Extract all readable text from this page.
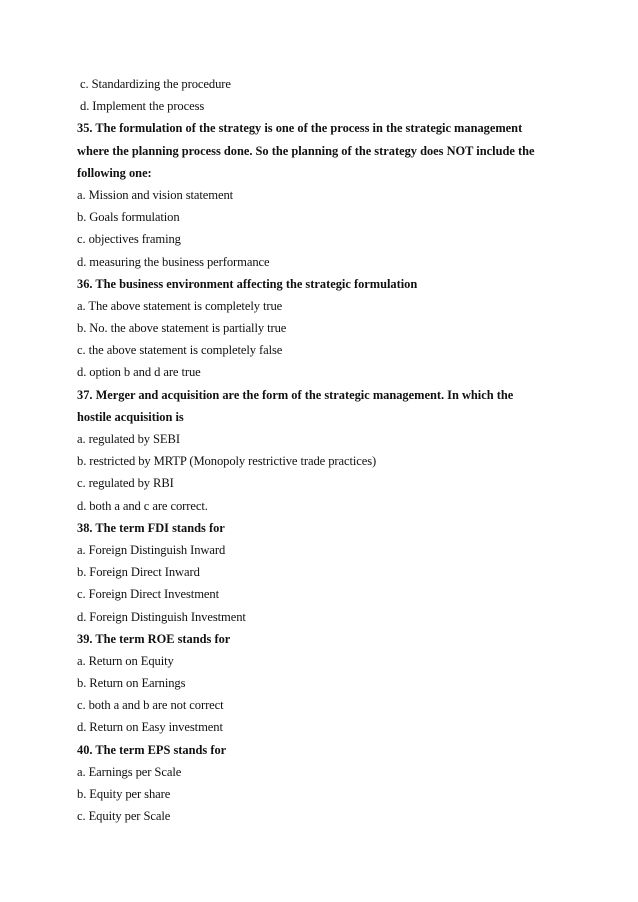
c. Standardizing the procedure
d. Implement the process
35. The formulation of the strategy is one of the process in the strategic management
where the planning process done. So the planning of the strategy does NOT include the
following one:
a. Mission and vision statement
b. Goals formulation
c. objectives framing
d. measuring the business performance
36. The business environment affecting the strategic formulation
a. The above statement is completely true
b. No. the above statement is partially true
c. the above statement is completely false
d. option b and d are true
37. Merger and acquisition are the form of the strategic management. In which the
hostile acquisition is
a. regulated by SEBI
b. restricted by MRTP (Monopoly restrictive trade practices)
c. regulated by RBI
d. both a and c are correct.
38. The term FDI stands for
a. Foreign Distinguish Inward
b. Foreign Direct Inward
c. Foreign Direct Investment
d. Foreign Distinguish Investment
39. The term ROE stands for
a. Return on Equity
b. Return on Earnings
c. both a and b are not correct
d. Return on Easy investment
40. The term EPS stands for
a. Earnings per Scale
b. Equity per share
c. Equity per Scale
